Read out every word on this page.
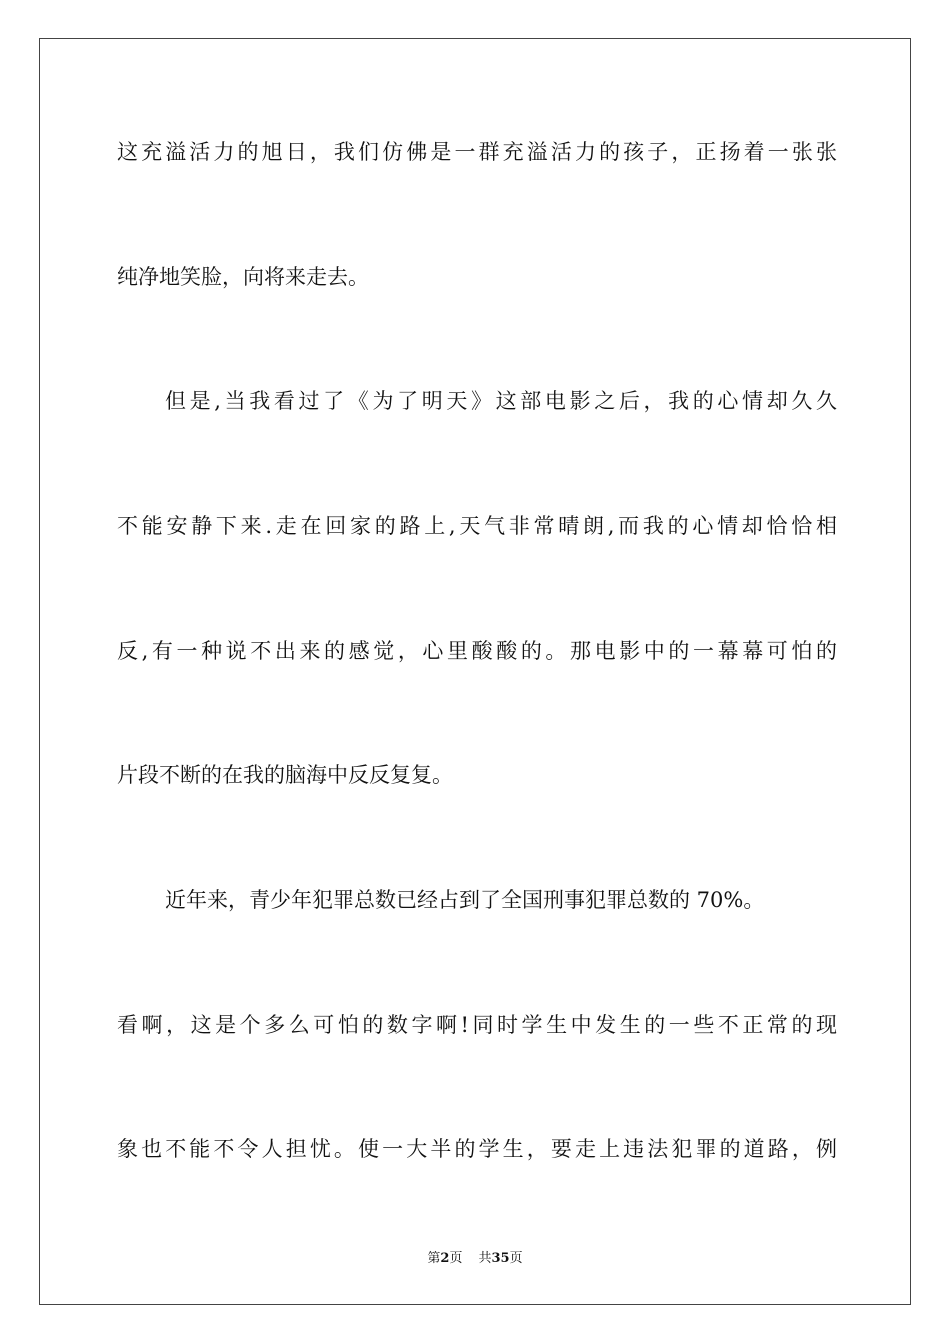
这充溢活力的旭日，我们仿佛是一群充溢活力的孩子，正扬着一张张
纯净地笑脸，向将来走去。
但是,当我看过了《为了明天》这部电影之后，我的心情却久久
不能安静下来.走在回家的路上,天气非常晴朗,而我的心情却恰恰相
反,有一种说不出来的感觉，心里酸酸的。那电影中的一幕幕可怕的
片段不断的在我的脑海中反反复复。
近年来，青少年犯罪总数已经占到了全国刑事犯罪总数的 70%。
看啊，这是个多么可怕的数字啊!同时学生中发生的一些不正常的现
象也不能不令人担忧。使一大半的学生，要走上违法犯罪的道路，例
第2页 共35页
